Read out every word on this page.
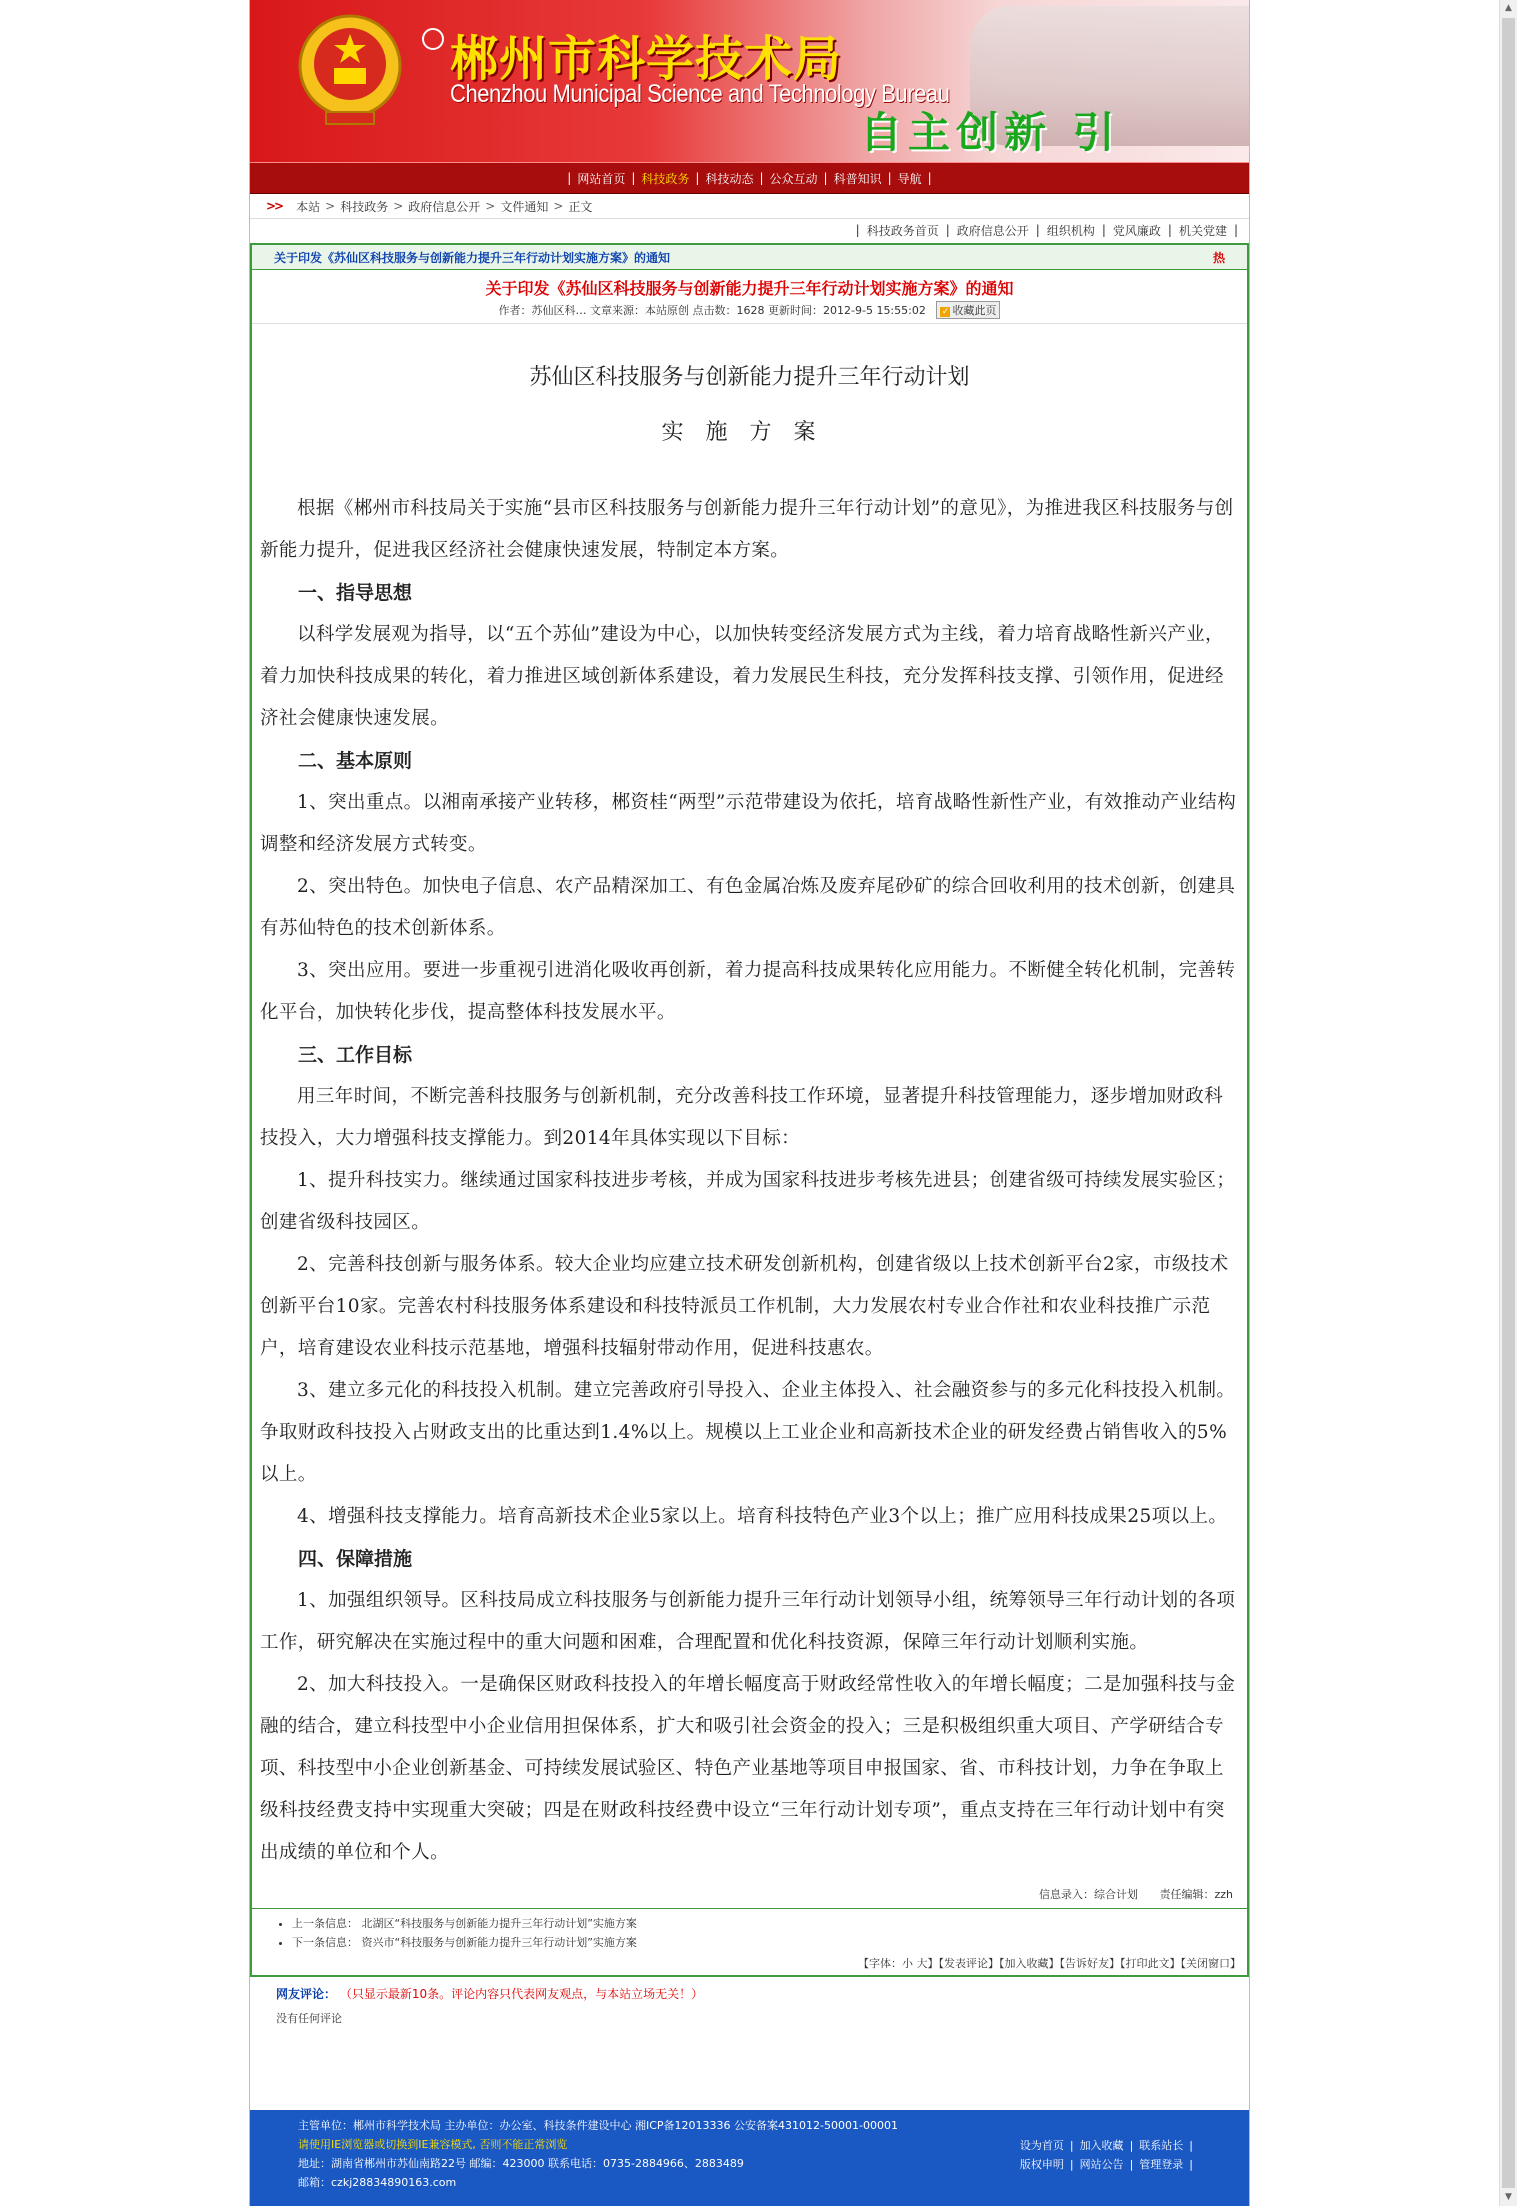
郴州市科学技术局
Chenzhou Municipal Science and Technology Bureau
自主创新 引
| 网站首页 | 科技政务 | 科技动态 | 公众互动 | 科普知识 | 导航 |
>> 本站 > 科技政务 > 政府信息公开 > 文件通知 > 正文
| 科技政务首页 | 政府信息公开 | 组织机构 | 党风廉政 | 机关党建 |
关于印发《苏仙区科技服务与创新能力提升三年行动计划实施方案》的通知	热
关于印发《苏仙区科技服务与创新能力提升三年行动计划实施方案》的通知
作者：苏仙区科… 文章来源：本站原创 点击数：1628 更新时间：2012-9-5 15:55:02 ✓ 收藏此页

苏仙区科技服务与创新能力提升三年行动计划

实施方案

根据《郴州市科技局关于实施“县市区科技服务与创新能力提升三年行动计划”的意见》，为推进我区科技服务与创新能力提升，促进我区经济社会健康快速发展，特制定本方案。

一、指导思想

以科学发展观为指导，以“五个苏仙”建设为中心，以加快转变经济发展方式为主线，着力培育战略性新兴产业，着力加快科技成果的转化，着力推进区域创新体系建设，着力发展民生科技，充分发挥科技支撑、引领作用，促进经济社会健康快速发展。

二、基本原则

1、突出重点。以湘南承接产业转移，郴资桂“两型”示范带建设为依托，培育战略性新性产业，有效推动产业结构调整和经济发展方式转变。

2、突出特色。加快电子信息、农产品精深加工、有色金属冶炼及废弃尾砂矿的综合回收利用的技术创新，创建具有苏仙特色的技术创新体系。

3、突出应用。要进一步重视引进消化吸收再创新，着力提高科技成果转化应用能力。不断健全转化机制，完善转化平台，加快转化步伐，提高整体科技发展水平。

三、工作目标

用三年时间，不断完善科技服务与创新机制，充分改善科技工作环境，显著提升科技管理能力，逐步增加财政科技投入，大力增强科技支撑能力。到2014年具体实现以下目标：

1、提升科技实力。继续通过国家科技进步考核，并成为国家科技进步考核先进县；创建省级可持续发展实验区；创建省级科技园区。

2、完善科技创新与服务体系。较大企业均应建立技术研发创新机构，创建省级以上技术创新平台2家，市级技术创新平台10家。完善农村科技服务体系建设和科技特派员工作机制，大力发展农村专业合作社和农业科技推广示范户，培育建设农业科技示范基地，增强科技辐射带动作用，促进科技惠农。

3、建立多元化的科技投入机制。建立完善政府引导投入、企业主体投入、社会融资参与的多元化科技投入机制。争取财政科技投入占财政支出的比重达到1.4%以上。规模以上工业企业和高新技术企业的研发经费占销售收入的5%以上。

4、增强科技支撑能力。培育高新技术企业5家以上。培育科技特色产业3个以上；推广应用科技成果25项以上。

四、保障措施

1、加强组织领导。区科技局成立科技服务与创新能力提升三年行动计划领导小组，统筹领导三年行动计划的各项工作，研究解决在实施过程中的重大问题和困难，合理配置和优化科技资源，保障三年行动计划顺利实施。

2、加大科技投入。一是确保区财政科技投入的年增长幅度高于财政经常性收入的年增长幅度；二是加强科技与金融的结合，建立科技型中小企业信用担保体系，扩大和吸引社会资金的投入；三是积极组织重大项目、产学研结合专项、科技型中小企业创新基金、可持续发展试验区、特色产业基地等项目申报国家、省、市科技计划，力争在争取上级科技经费支持中实现重大突破；四是在财政科技经费中设立“三年行动计划专项”，重点支持在三年行动计划中有突出成绩的单位和个人。

信息录入：综合计划 责任编辑：zzh
• 上一条信息： 北湖区“科技服务与创新能力提升三年行动计划”实施方案
• 下一条信息： 资兴市“科技服务与创新能力提升三年行动计划”实施方案
【字体：小 大】【发表评论】【加入收藏】【告诉好友】【打印此文】【关闭窗口】
网友评论： （只显示最新10条。评论内容只代表网友观点，与本站立场无关！）
没有任何评论
主管单位：郴州市科学技术局 主办单位：办公室、科技条件建设中心 湘ICP备12013336 公安备案431012-50001-00001
请使用IE浏览器或切换到IE兼容模式, 否则不能正常浏览
地址：湖南省郴州市苏仙南路22号 邮编：423000 联系电话：0735-2884966、2883489
邮箱：czkj28834890163.com
设为首页 | 加入收藏 | 联系站长 |
版权申明 | 网站公告 | 管理登录 |
▲
▼
